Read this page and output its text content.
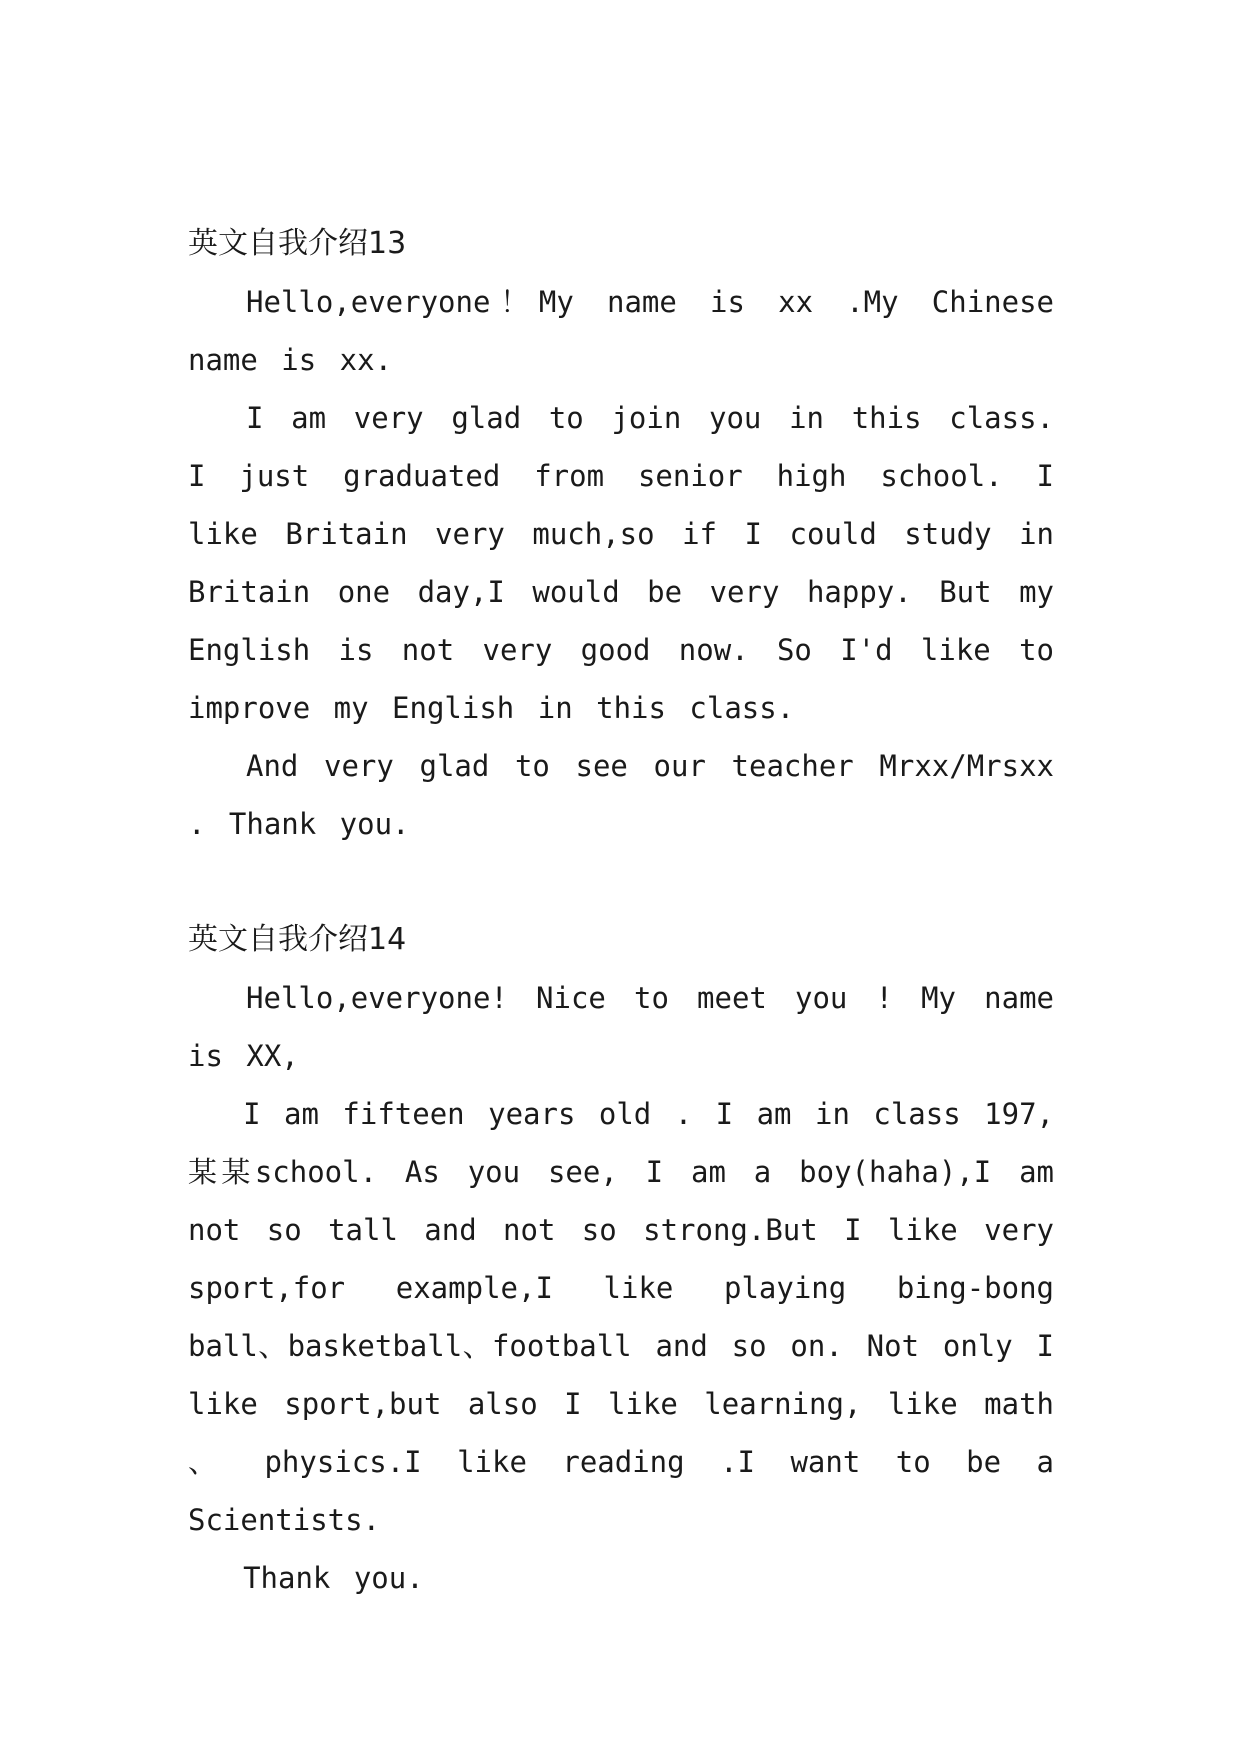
英文自我介绍13

Hello,everyone！My name is xx .My Chinese name is xx.

I am very glad to join you in this class. I just graduated from senior high school. I like Britain very much,so if I could study in Britain one day,I would be very happy. But my English is not very good now. So I'd like to improve my English in this class.

And very glad to see our teacher Mrxx/Mrsxx . Thank you.

英文自我介绍14

Hello,everyone! Nice to meet you ! My name is XX,

I am fifteen years old . I am in class 197,某某school. As you see, I am a boy(haha),I am not so tall and not so strong.But I like very sport,for example,I like playing bing-bong ball、basketball、football and so on. Not only I like sport,but also I like learning, like math 、 physics.I like reading .I want to be a Scientists.

Thank you.
